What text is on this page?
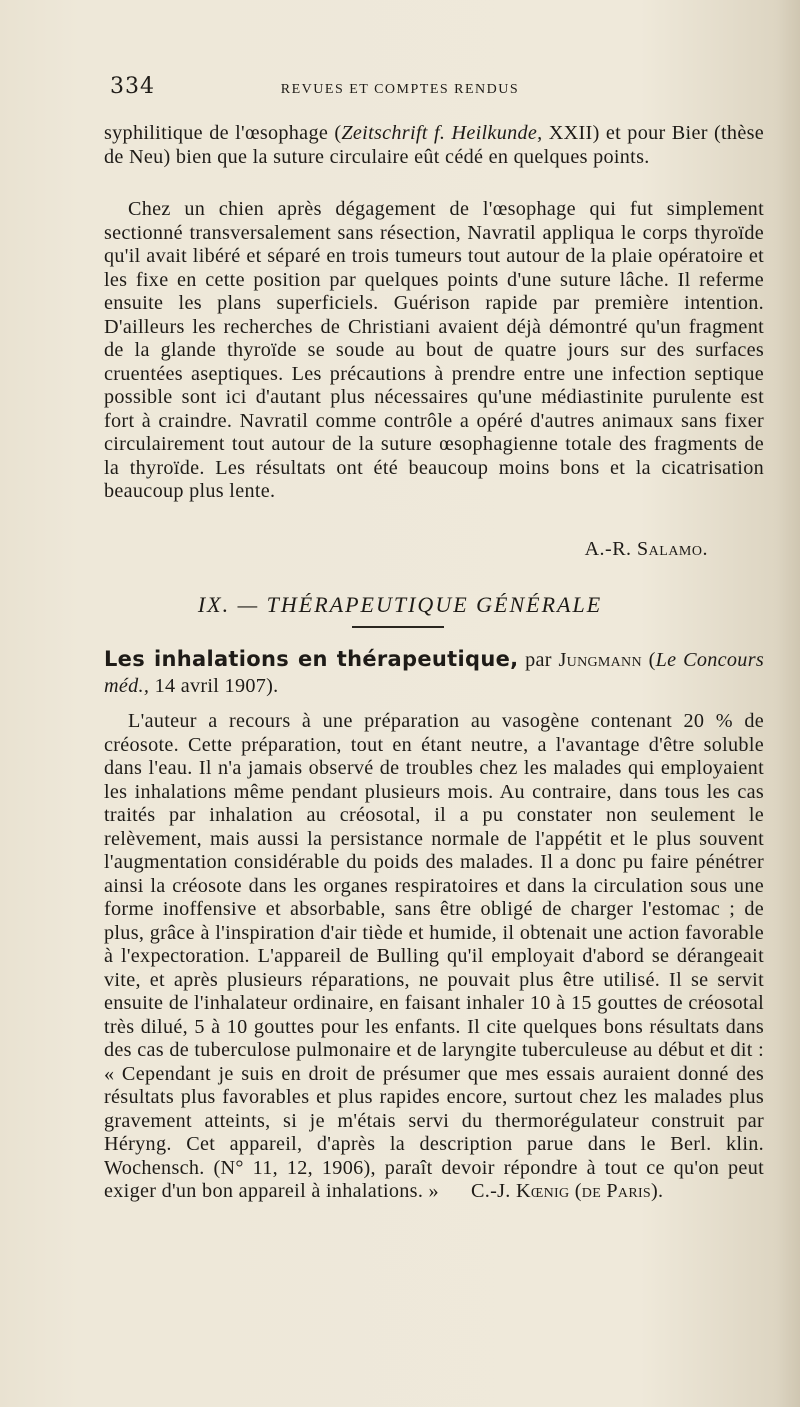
334	REVUES ET COMPTES RENDUS

syphilitique de l'œsophage (Zeitschrift f. Heilkunde, XXII) et pour Bier (thèse de Neu) bien que la suture circulaire eût cédé en quelques points.

Chez un chien après dégagement de l'œsophage qui fut simplement sectionné transversalement sans résection, Navratil appliqua le corps thyroïde qu'il avait libéré et séparé en trois tumeurs tout autour de la plaie opératoire et les fixe en cette position par quelques points d'une suture lâche. Il referme ensuite les plans superficiels. Guérison rapide par première intention. D'ailleurs les recherches de Christiani avaient déjà démontré qu'un fragment de la glande thyroïde se soude au bout de quatre jours sur des surfaces cruentées aseptiques. Les précautions à prendre entre une infection septique possible sont ici d'autant plus nécessaires qu'une médiastinite purulente est fort à craindre. Navratil comme contrôle a opéré d'autres animaux sans fixer circulairement tout autour de la suture œsophagienne totale des fragments de la thyroïde. Les résultats ont été beaucoup moins bons et la cicatrisation beaucoup plus lente.

A.-R. Salamo.
IX. — THÉRAPEUTIQUE GÉNÉRALE

Les inhalations en thérapeutique, par Jungmann (Le Concours méd., 14 avril 1907).

L'auteur a recours à une préparation au vasogène contenant 20 % de créosote. Cette préparation, tout en étant neutre, a l'avantage d'être soluble dans l'eau. Il n'a jamais observé de troubles chez les malades qui employaient les inhalations même pendant plusieurs mois. Au contraire, dans tous les cas traités par inhalation au créosotal, il a pu constater non seulement le relèvement, mais aussi la persistance normale de l'appétit et le plus souvent l'augmentation considérable du poids des malades. Il a donc pu faire pénétrer ainsi la créosote dans les organes respiratoires et dans la circulation sous une forme inoffensive et absorbable, sans être obligé de charger l'estomac ; de plus, grâce à l'inspiration d'air tiède et humide, il obtenait une action favorable à l'expectoration. L'appareil de Bulling qu'il employait d'abord se dérangeait vite, et après plusieurs réparations, ne pouvait plus être utilisé. Il se servit ensuite de l'inhalateur ordinaire, en faisant inhaler 10 à 15 gouttes de créosotal très dilué, 5 à 10 gouttes pour les enfants. Il cite quelques bons résultats dans des cas de tuberculose pulmonaire et de laryngite tuberculeuse au début et dit : « Cependant je suis en droit de présumer que mes essais auraient donné des résultats plus favorables et plus rapides encore, surtout chez les malades plus gravement atteints, si je m'étais servi du thermorégulateur construit par Héryng. Cet appareil, d'après la description parue dans le Berl. klin. Wochensch. (N° 11, 12, 1906), paraît devoir répondre à tout ce qu'on peut exiger d'un bon appareil à inhalations. » C.-J. Kœnig (de Paris).
